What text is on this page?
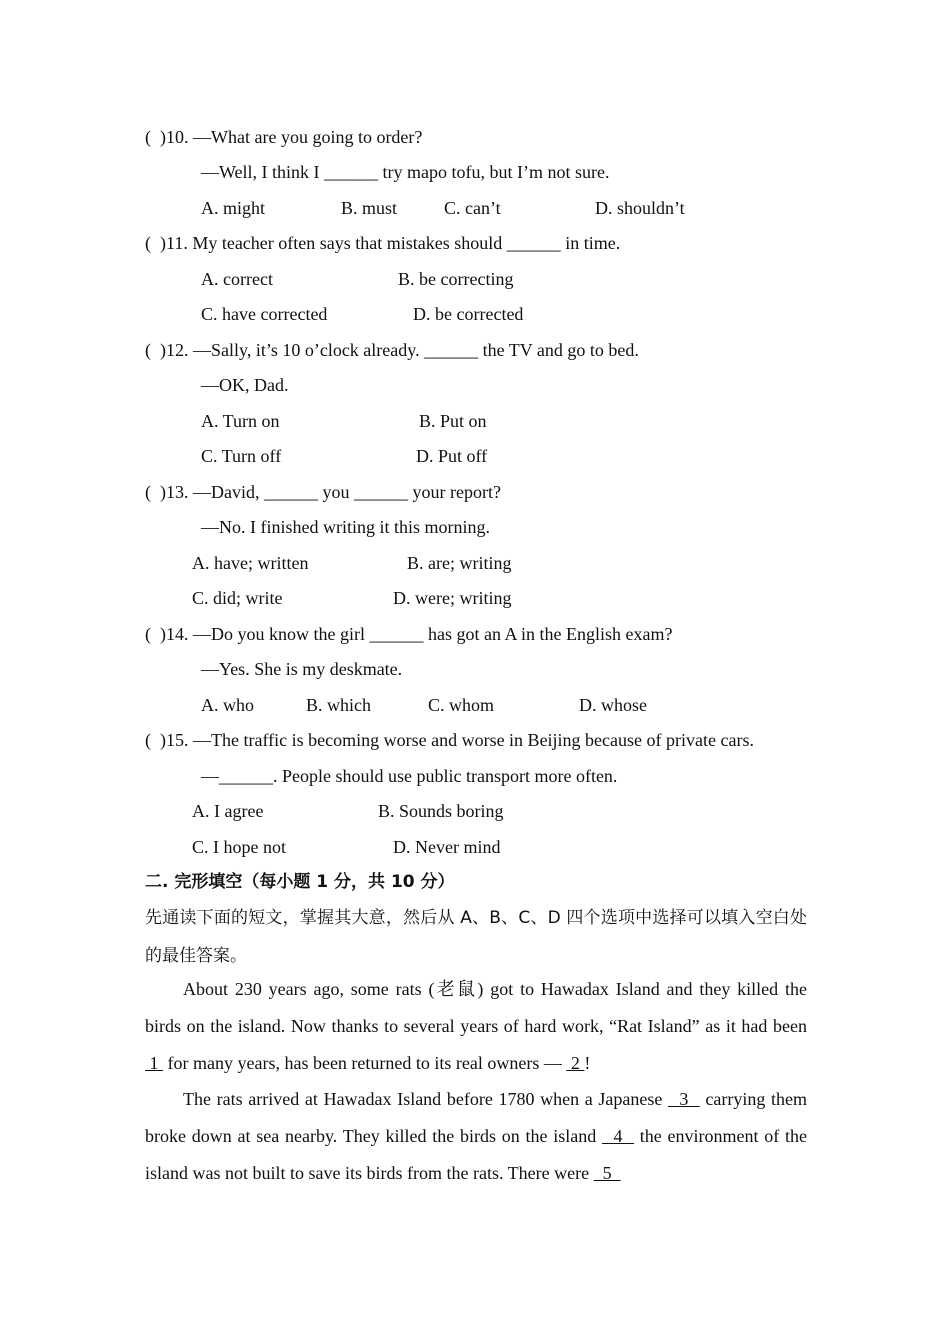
(  )10. —What are you going to order?
—Well, I think I ______ try mapo tofu, but I’m not sure.
A. might	B. must	C. can’t	D. shouldn’t
(  )11. My teacher often says that mistakes should ______ in time.
A. correct	B. be correcting
C. have corrected	D. be corrected
(  )12. —Sally, it’s 10 o’clock already. ______ the TV and go to bed.
—OK, Dad.
A. Turn on	B. Put on
C. Turn off	D. Put off
(  )13. —David, ______ you ______ your report?
—No. I finished writing it this morning.
A. have; written	B. are; writing
C. did; write	D. were; writing
(  )14. —Do you know the girl ______ has got an A in the English exam?
—Yes. She is my deskmate.
A. who	B. which	C. whom	D. whose
(  )15. —The traffic is becoming worse and worse in Beijing because of private cars.
—______. People should use public transport more often.
A. I agree	B. Sounds boring
C. I hope not	D. Never mind
二. 完形填空（每小题 1 分，共 10 分）
先通读下面的短文，掌握其大意，然后从 A、B、C、D 四个选项中选择可以填入空白处的最佳答案。
About 230 years ago, some rats (老鼠) got to Hawadax Island and they killed the birds on the island. Now thanks to several years of hard work, “Rat Island” as it had been  1  for many years, has been returned to its real owners —  2 !
The rats arrived at Hawadax Island before 1780 when a Japanese   3   carrying them broke down at sea nearby. They killed the birds on the island   4   the environment of the island was not built to save its birds from the rats. There were   5
